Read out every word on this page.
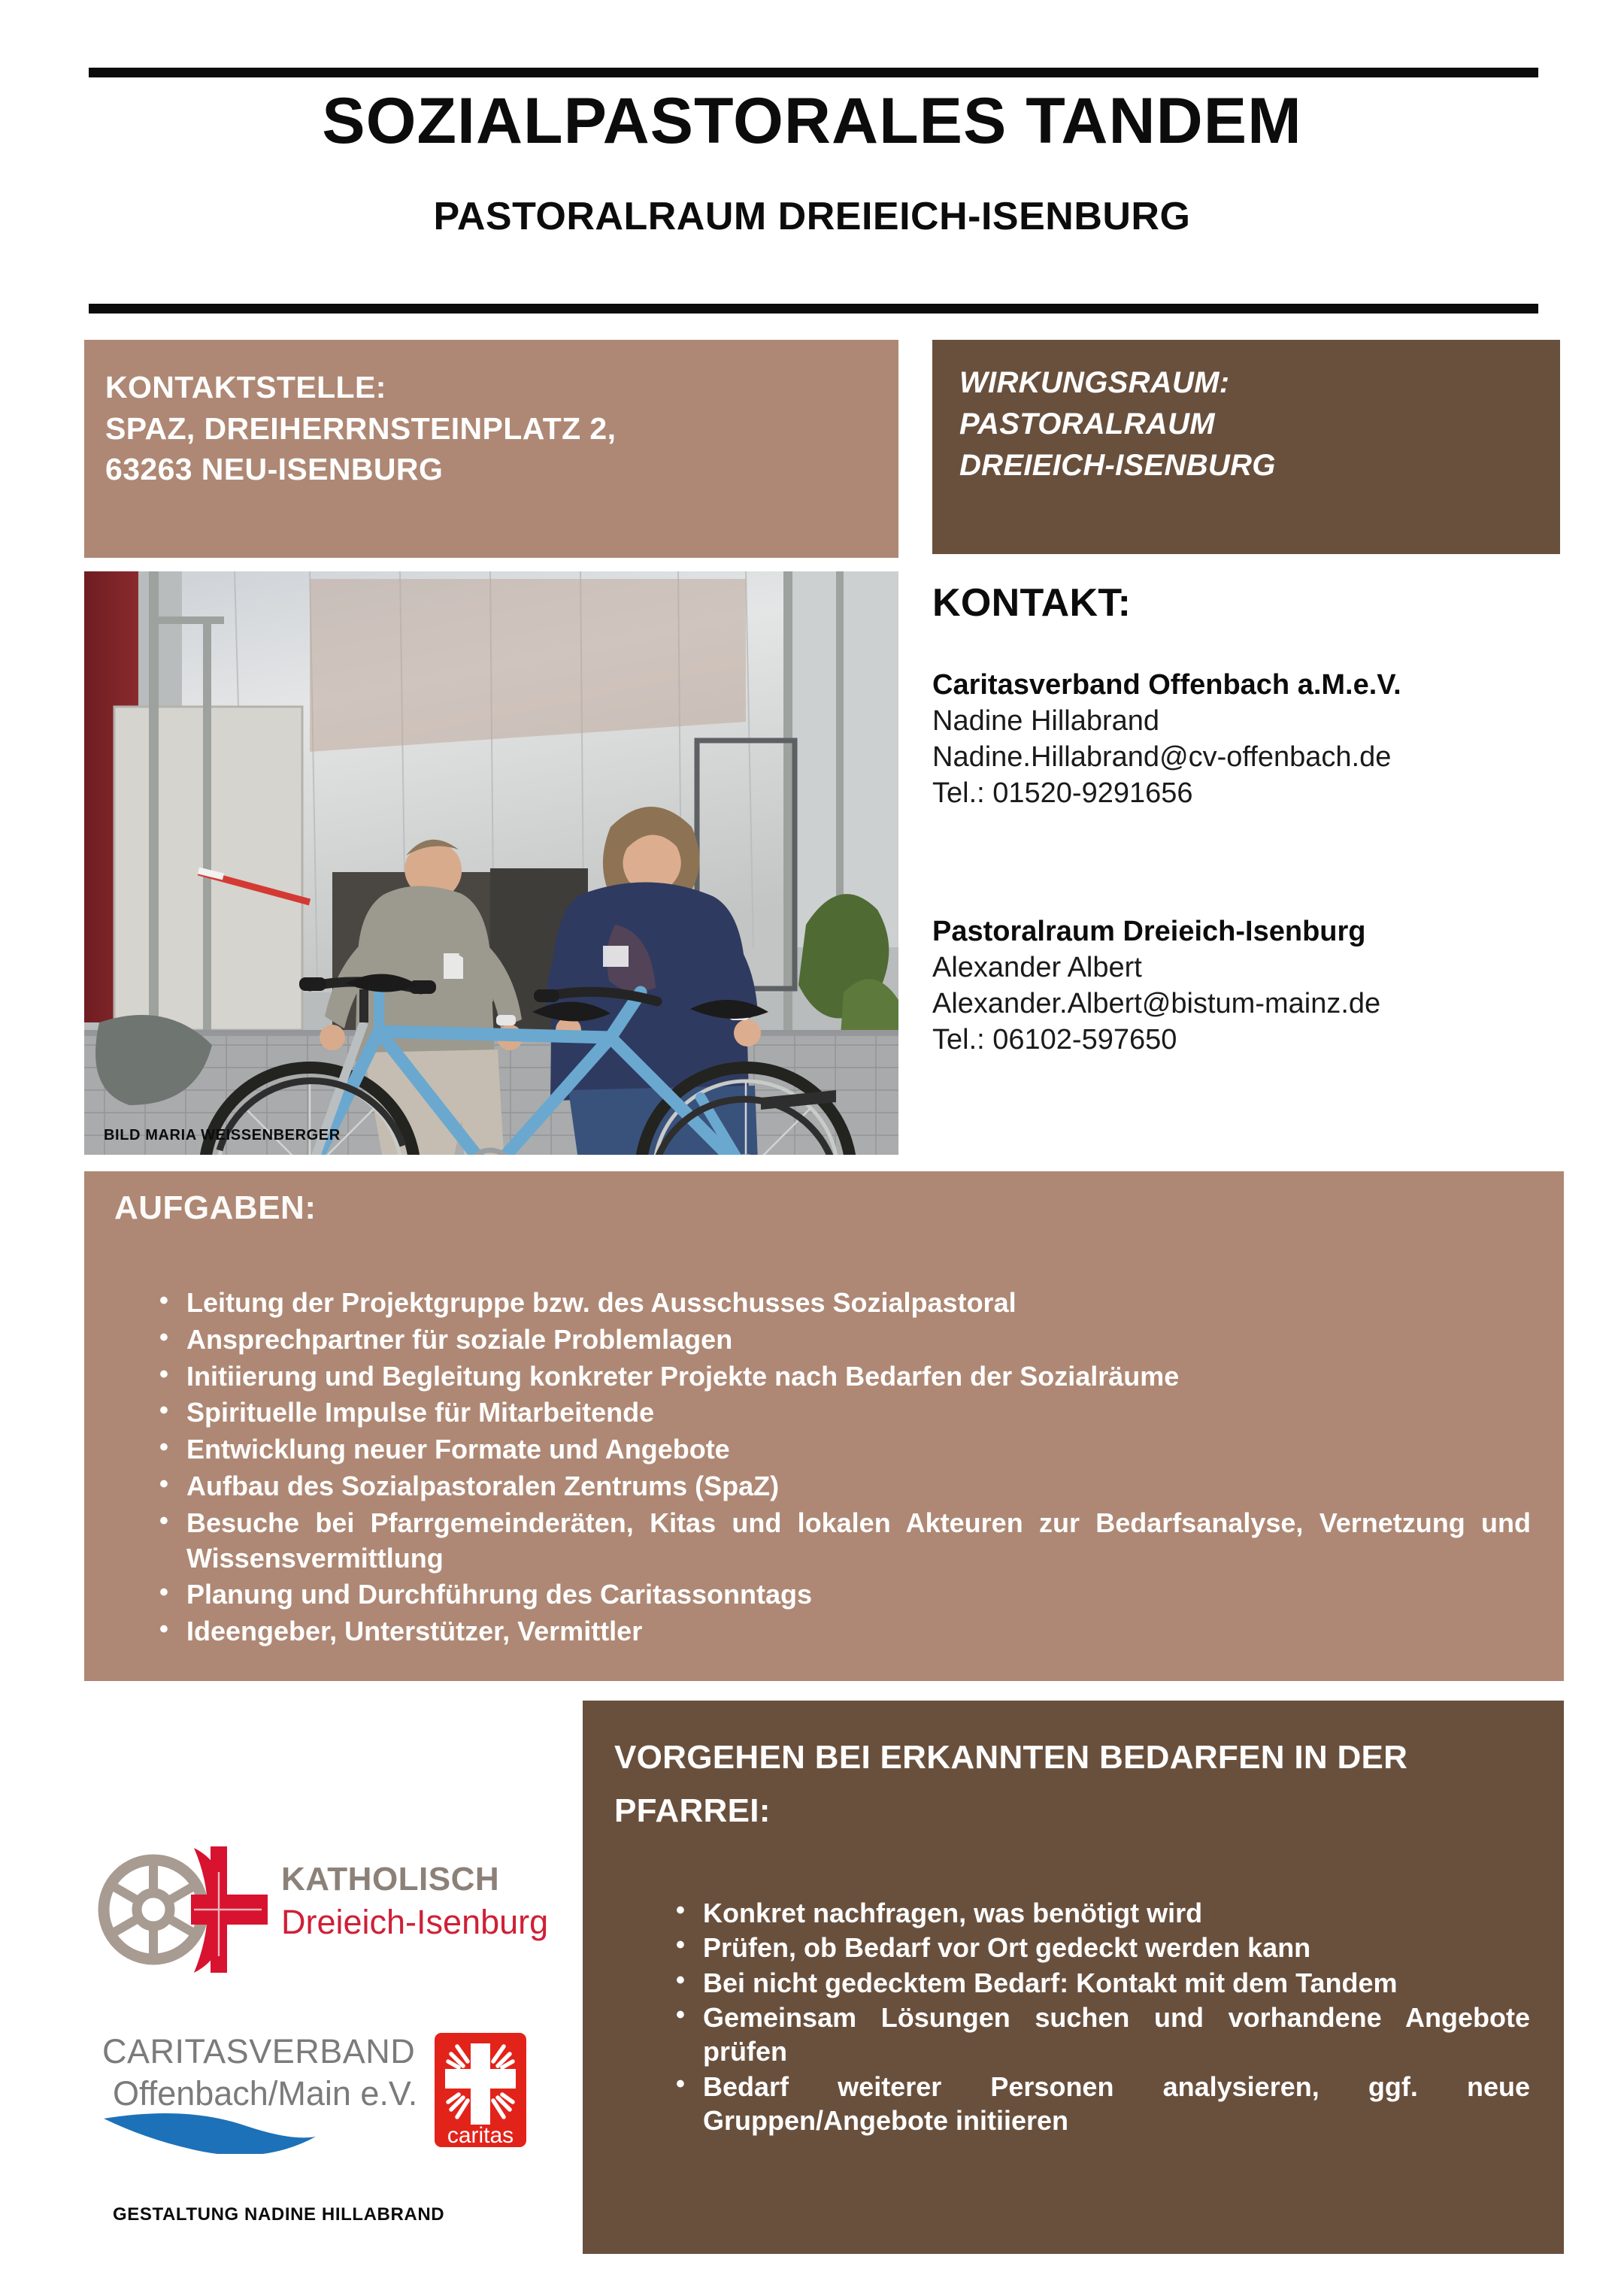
SOZIALPASTORALES TANDEM
PASTORALRAUM DREIEICH-ISENBURG
KONTAKTSTELLE:
SPAZ, DREIHERRNSTEINPLATZ 2,
63263 NEU-ISENBURG
WIRKUNGSRAUM:
PASTORALRAUM
DREIEICH-ISENBURG
BILD MARIA WEISSENBERGER
KONTAKT:
Caritasverband Offenbach a.M.e.V.
Nadine Hillabrand
Nadine.Hillabrand@cv-offenbach.de
Tel.: 01520-9291656
Pastoralraum Dreieich-Isenburg
Alexander Albert
Alexander.Albert@bistum-mainz.de
Tel.: 06102-597650
AUFGABEN:
• Leitung der Projektgruppe bzw. des Ausschusses Sozialpastoral
• Ansprechpartner für soziale Problemlagen
• Initiierung und Begleitung konkreter Projekte nach Bedarfen der Sozialräume
• Spirituelle Impulse für Mitarbeitende
• Entwicklung neuer Formate und Angebote
• Aufbau des Sozialpastoralen Zentrums (SpaZ)
• Besuche bei Pfarrgemeinderäten, Kitas und lokalen Akteuren zur Bedarfsanalyse, Vernetzung und Wissensvermittlung
• Planung und Durchführung des Caritassonntags
• Ideengeber, Unterstützer, Vermittler
VORGEHEN BEI ERKANNTEN BEDARFEN IN DER PFARREI:
• Konkret nachfragen, was benötigt wird
• Prüfen, ob Bedarf vor Ort gedeckt werden kann
• Bei nicht gedecktem Bedarf: Kontakt mit dem Tandem
• Gemeinsam Lösungen suchen und vorhandene Angebote prüfen
• Bedarf weiterer Personen analysieren, ggf. neue Gruppen/Angebote initiieren
KATHOLISCH
Dreieich-Isenburg
CARITASVERBAND
Offenbach/Main e.V.
caritas
GESTALTUNG NADINE HILLABRAND
